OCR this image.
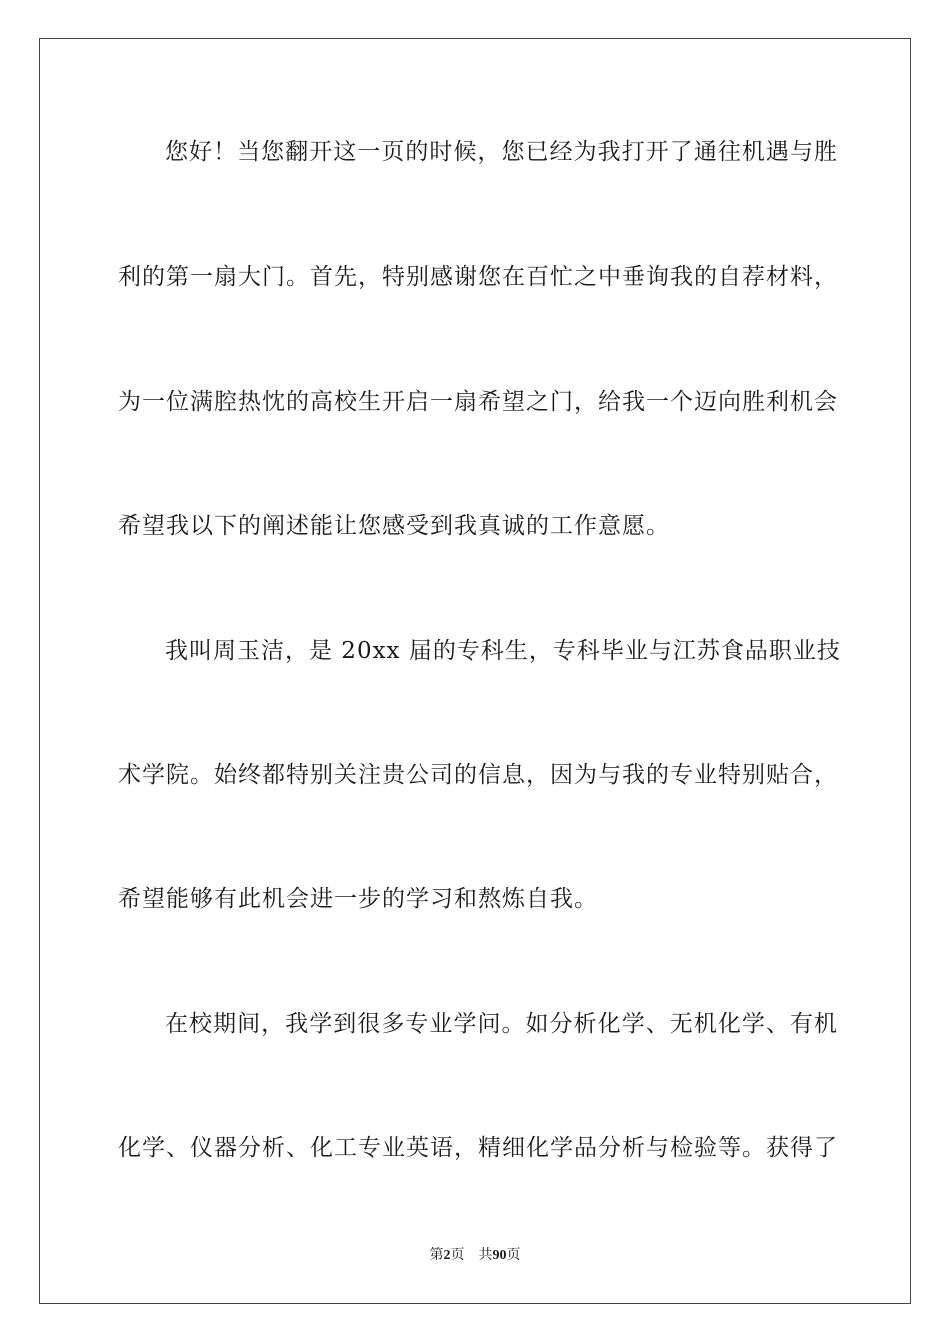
您好！当您翻开这一页的时候，您已经为我打开了通往机遇与胜
利的第一扇大门。首先，特别感谢您在百忙之中垂询我的自荐材料，
为一位满腔热忱的高校生开启一扇希望之门，给我一个迈向胜利机会
希望我以下的阐述能让您感受到我真诚的工作意愿。
我叫周玉洁，是 20xx 届的专科生，专科毕业与江苏食品职业技
术学院。始终都特别关注贵公司的信息，因为与我的专业特别贴合，
希望能够有此机会进一步的学习和熬炼自我。
在校期间，我学到很多专业学问。如分析化学、无机化学、有机
化学、仪器分析、化工专业英语，精细化学品分析与检验等。获得了
第2页 共90页
